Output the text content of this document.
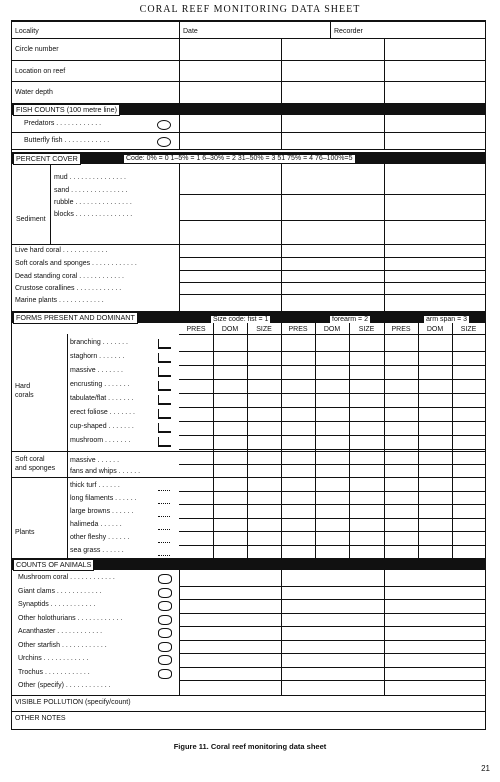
CORAL REEF MONITORING DATA SHEET
Locality	Date	Recorder
Circle number
Location on reef
Water depth
FISH COUNTS (100 metre line)
Predators . . . . . . . . . . . .
Butterfly fish . . . . . . . . . . . .
PERCENT COVER	Code: 0% = 0 1–5% = 1 6–30% = 2 31–50% = 3 51 75% = 4 76–100%=5
Sediment
mud . . . . . . . . . . . . . . .
sand . . . . . . . . . . . . . . .
rubble . . . . . . . . . . . . . . .
blocks . . . . . . . . . . . . . . .
Live hard coral . . . . . . . . . . . .
Soft corals and sponges . . . . . . . . . . . .
Dead standing coral . . . . . . . . . . . .
Crustose corallines . . . . . . . . . . . .
Marine plants . . . . . . . . . . . .
FORMS PRESENT AND DOMINANT	Size code: fist = 1	forearm = 2	arm span = 3
PRES	DOM	SIZE	PRES	DOM	SIZE	PRES	DOM	SIZE
Hard
corals
branching . . . . . . .
staghorn . . . . . . .
massive . . . . . . .
encrusting . . . . . . .
tabulate/flat . . . . . . .
erect foliose . . . . . . .
cup-shaped . . . . . . .
mushroom . . . . . . .
Soft coral
and sponges
massive . . . . . .
fans and whips . . . . . .
Plants
thick turf . . . . . .
long filaments . . . . . .
large browns . . . . . .
halimeda . . . . . .
other fleshy . . . . . .
sea grass . . . . . .
COUNTS OF ANIMALS
Mushroom coral . . . . . . . . . . . .
Giant clams . . . . . . . . . . . .
Synaptids . . . . . . . . . . . .
Other holothurians . . . . . . . . . . . .
Acanthaster . . . . . . . . . . . .
Other starfish . . . . . . . . . . . .
Urchins . . . . . . . . . . . .
Trochus . . . . . . . . . . . .
Other (specify) . . . . . . . . . . . .
VISIBLE POLLUTION (specify/count)
OTHER NOTES
Figure 11. Coral reef monitoring data sheet
21
